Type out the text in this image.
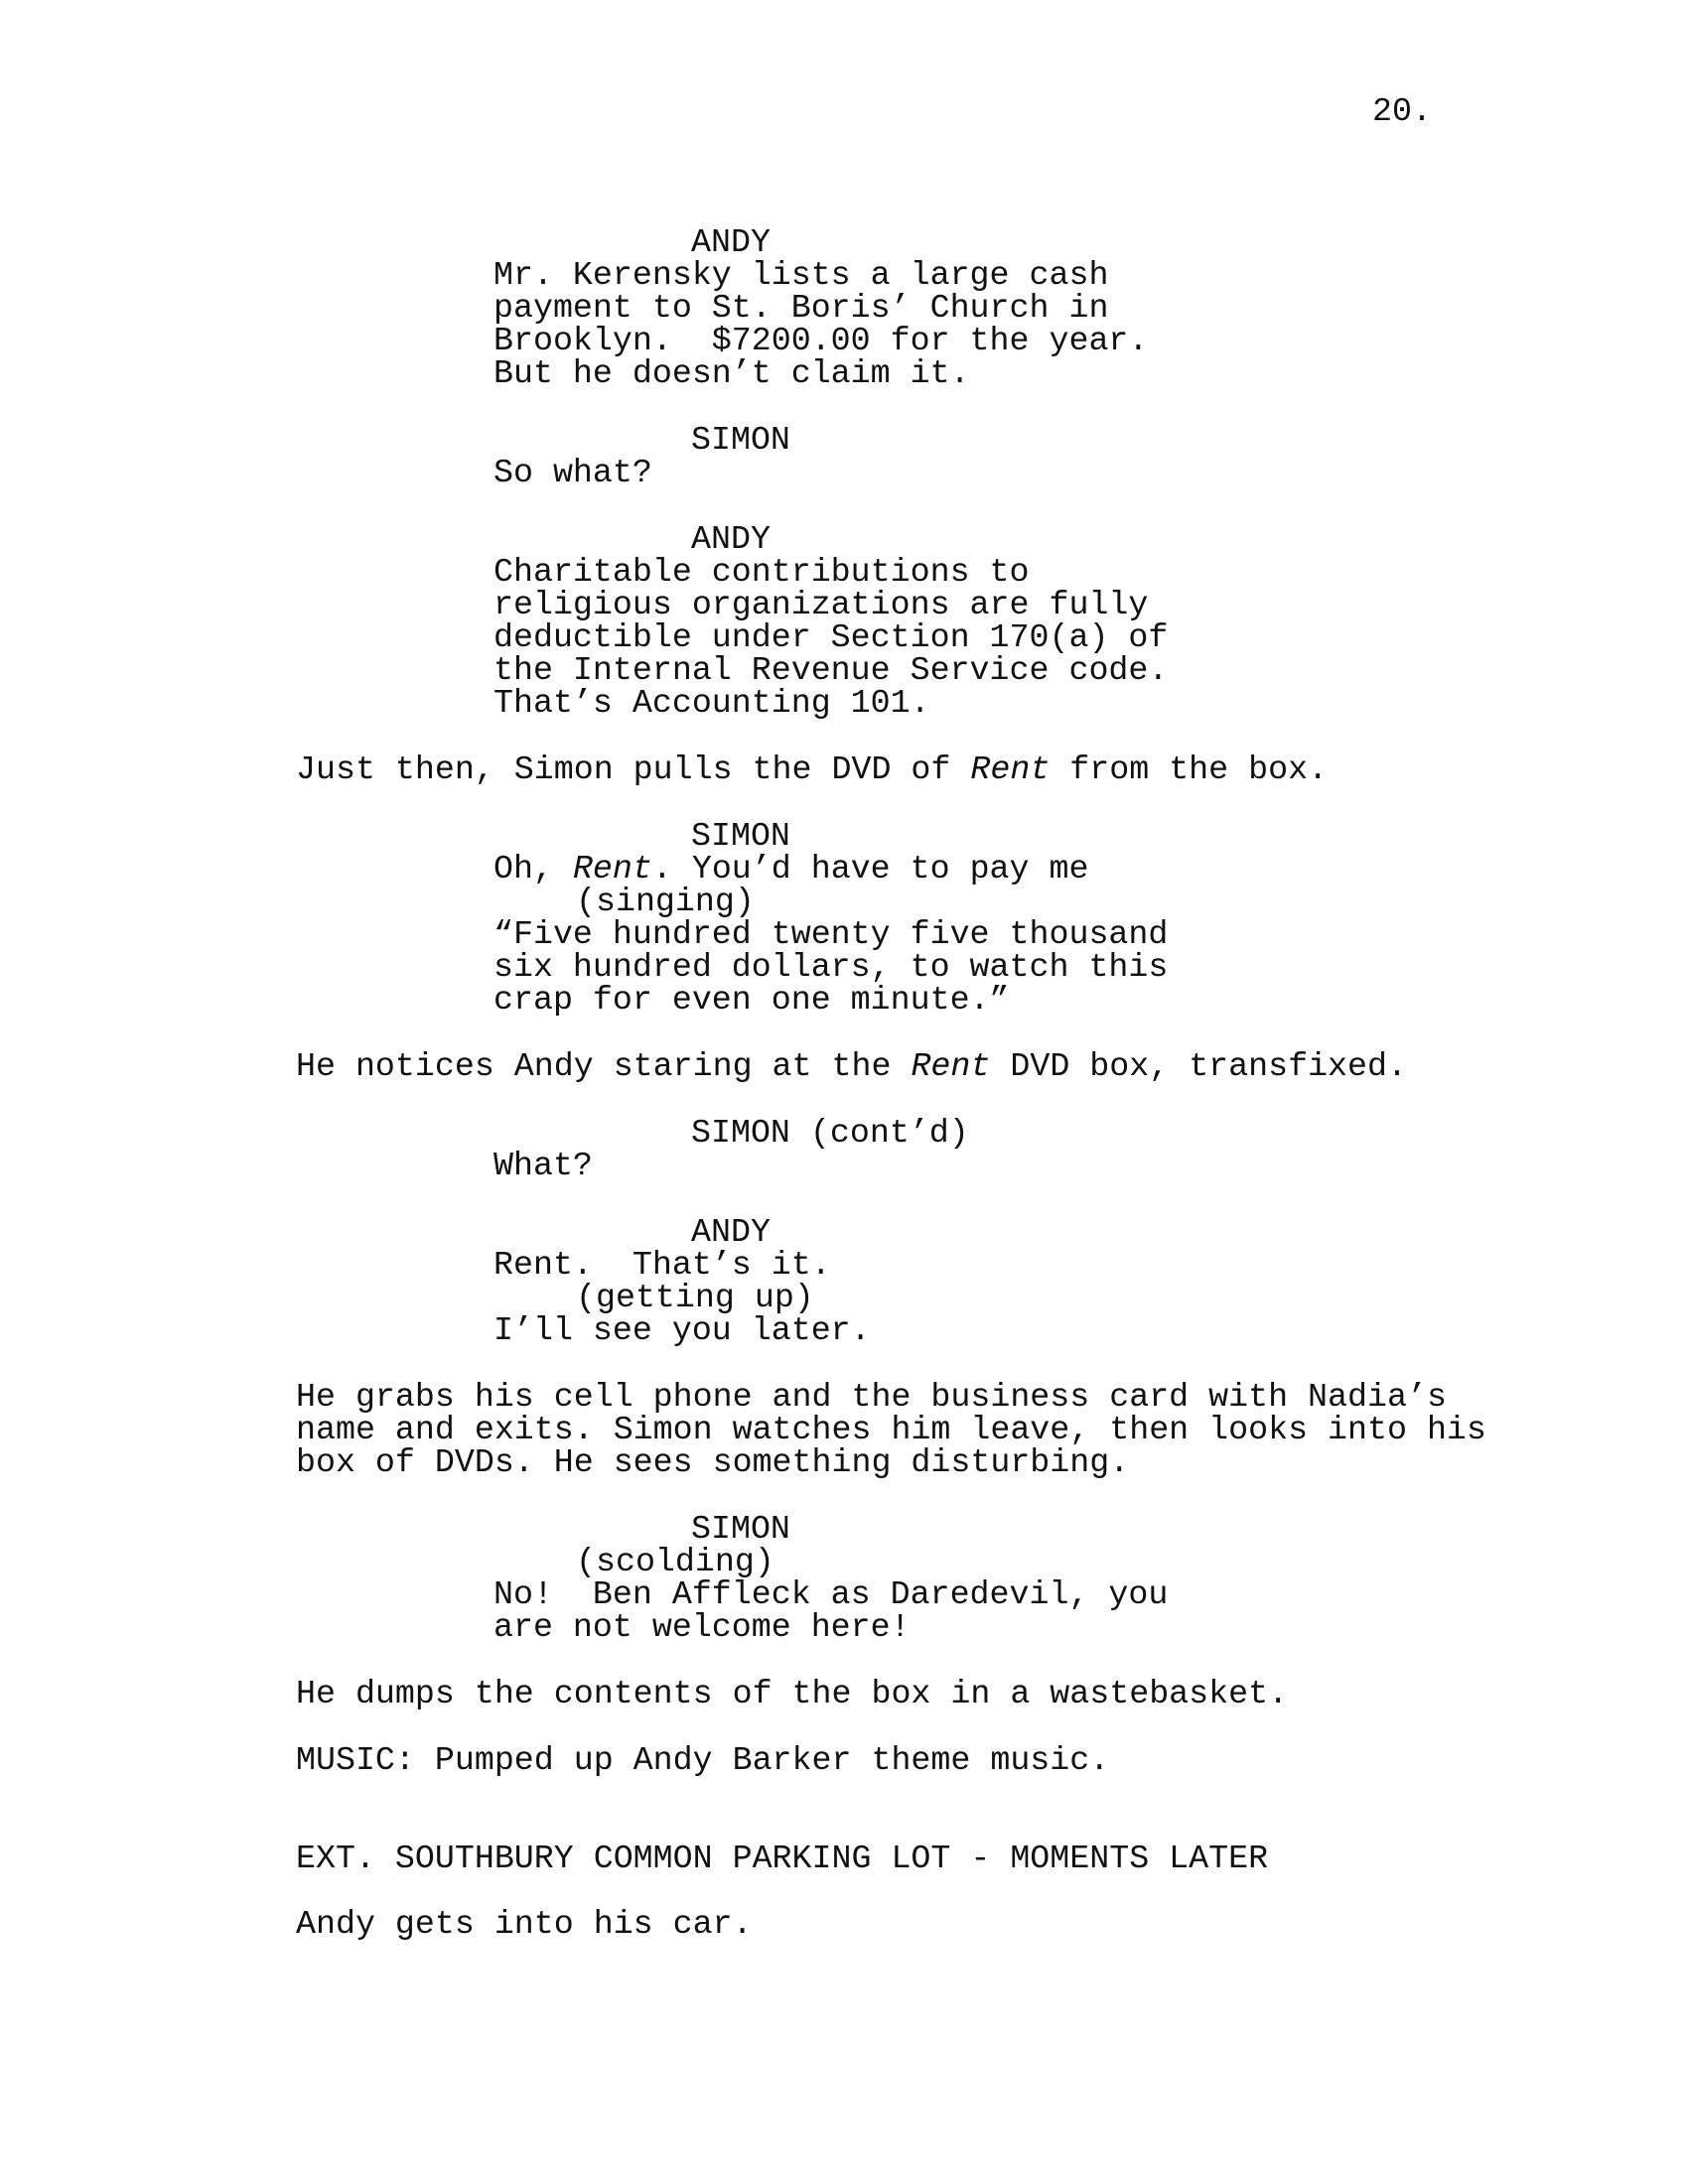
20.
ANDY
Mr. Kerensky lists a large cash
payment to St. Boris’ Church in
Brooklyn.  $7200.00 for the year.
But he doesn’t claim it.
SIMON
So what?
ANDY
Charitable contributions to
religious organizations are fully
deductible under Section 170(a) of
the Internal Revenue Service code.
That’s Accounting 101.
Just then, Simon pulls the DVD of Rent from the box.
SIMON
Oh, Rent. You’d have to pay me
(singing)
“Five hundred twenty five thousand
six hundred dollars, to watch this
crap for even one minute.”
He notices Andy staring at the Rent DVD box, transfixed.
SIMON (cont’d)
What?
ANDY
Rent.  That’s it.
(getting up)
I’ll see you later.
He grabs his cell phone and the business card with Nadia’s
name and exits. Simon watches him leave, then looks into his
box of DVDs. He sees something disturbing.
SIMON
(scolding)
No!  Ben Affleck as Daredevil, you
are not welcome here!
He dumps the contents of the box in a wastebasket.
MUSIC: Pumped up Andy Barker theme music.
EXT. SOUTHBURY COMMON PARKING LOT - MOMENTS LATER
Andy gets into his car.
